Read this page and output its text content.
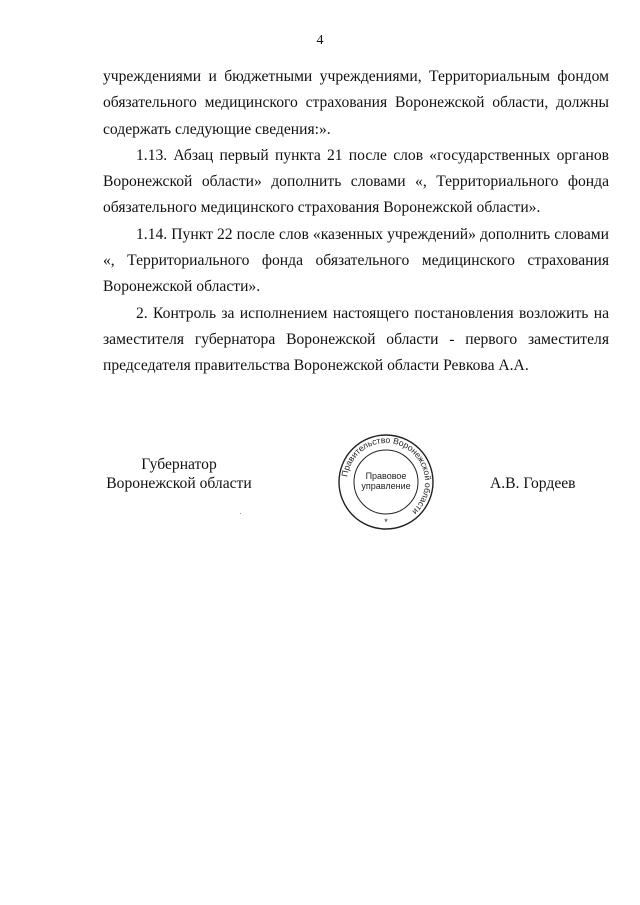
4

учреждениями и бюджетными учреждениями, Территориальным фондом обязательного медицинского страхования Воронежской области, должны содержать следующие сведения:».

1.13. Абзац первый пункта 21 после слов «государственных органов Воронежской области» дополнить словами «, Территориального фонда обязательного медицинского страхования Воронежской области».

1.14. Пункт 22 после слов «казенных учреждений» дополнить словами «, Территориального фонда обязательного медицинского страхования Воронежской области».

2. Контроль за исполнением настоящего постановления возложить на заместителя губернатора Воронежской области - первого заместителя председателя правительства Воронежской области Ревкова А.А.

Губернатор
Воронежской области
Правительство Воронежской области
Правовое
управление
*
А.В. Гордеев
